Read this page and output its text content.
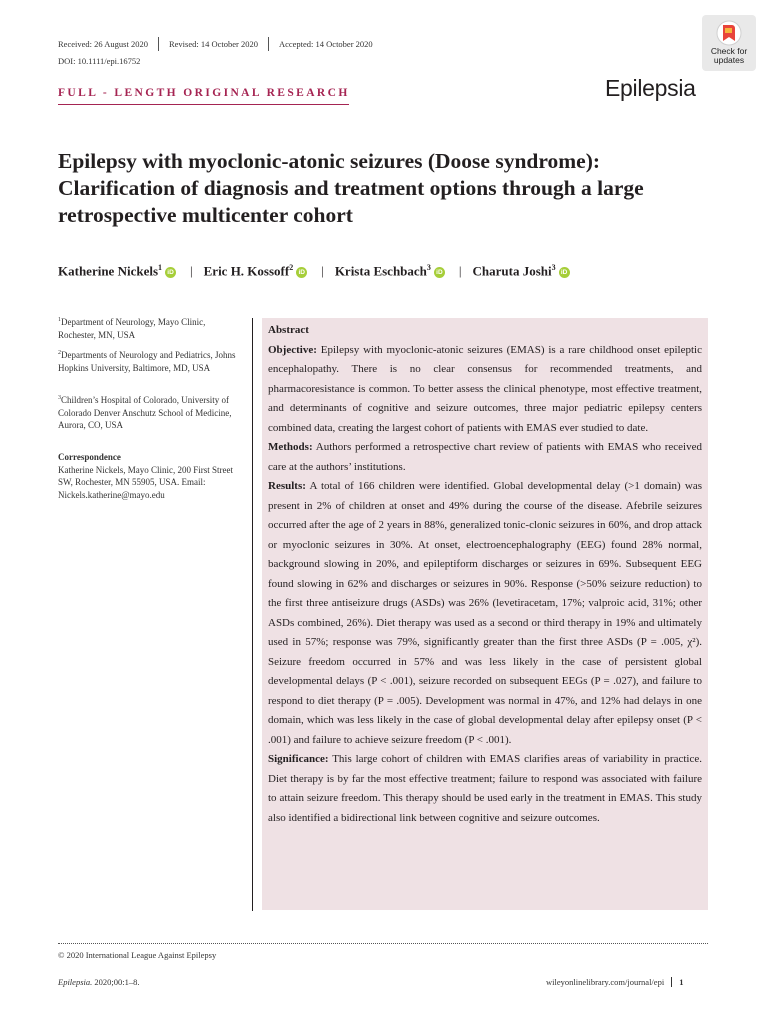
Received: 26 August 2020 Revised: 14 October 2020 Accepted: 14 October 2020
DOI: 10.1111/epi.16752
Check for
updates
FULL - LENGTH ORIGINAL RESEARCH	Epilepsia
Epilepsy with myoclonic-atonic seizures (Doose syndrome): Clarification of diagnosis and treatment options through a large retrospective multicenter cohort
Katherine Nickels$^1$iD | Eric H. Kossoff$^2$iD | Krista Eschbach$^3$iD | Charuta Joshi$^3$iD
$^1$Department of Neurology, Mayo Clinic, Rochester, MN, USA
$^2$Departments of Neurology and Pediatrics, Johns Hopkins University, Baltimore, MD, USA
$^3$Children’s Hospital of Colorado, University of Colorado Denver Anschutz School of Medicine, Aurora, CO, USA
Correspondence
Katherine Nickels, Mayo Clinic, 200 First Street SW, Rochester, MN 55905, USA. Email: Nickels.katherine@mayo.edu

Abstract

Objective: Epilepsy with myoclonic-atonic seizures (EMAS) is a rare childhood onset epileptic encephalopathy. There is no clear consensus for recommended treatments, and pharmacoresistance is common. To better assess the clinical phenotype, most effective treatment, and determinants of cognitive and seizure outcomes, three major pediatric epilepsy centers combined data, creating the largest cohort of patients with EMAS ever studied to date.

Methods: Authors performed a retrospective chart review of patients with EMAS who received care at the authors’ institutions.

Results: A total of 166 children were identified. Global developmental delay (>1 domain) was present in 2% of children at onset and 49% during the course of the disease. Afebrile seizures occurred after the age of 2 years in 88%, generalized tonic-clonic seizures in 60%, and drop attack or myoclonic seizures in 30%. At onset, electroencephalography (EEG) found 28% normal, background slowing in 20%, and epileptiform discharges or seizures in 69%. Subsequent EEG found slowing in 62% and discharges or seizures in 90%. Response (>50% seizure reduction) to the first three antiseizure drugs (ASDs) was 26% (levetiracetam, 17%; valproic acid, 31%; other ASDs combined, 26%). Diet therapy was used as a second or third therapy in 19% and ultimately used in 57%; response was 79%, significantly greater than the first three ASDs (P = .005, χ²). Seizure freedom occurred in 57% and was less likely in the case of persistent global developmental delays (P < .001), seizure recorded on subsequent EEGs (P = .027), and failure to respond to diet therapy (P = .005). Development was normal in 47%, and 12% had delays in one domain, which was less likely in the case of global developmental delay after epilepsy onset (P < .001) and failure to achieve seizure freedom (P < .001).

Significance: This large cohort of children with EMAS clarifies areas of variability in practice. Diet therapy is by far the most effective treatment; failure to respond was associated with failure to attain seizure freedom. This therapy should be used early in the treatment in EMAS. This study also identified a bidirectional link between cognitive and seizure outcomes.

© 2020 International League Against Epilepsy
Epilepsia. 2020;00:1–8.	wileyonlinelibrary.com/journal/epi 1
